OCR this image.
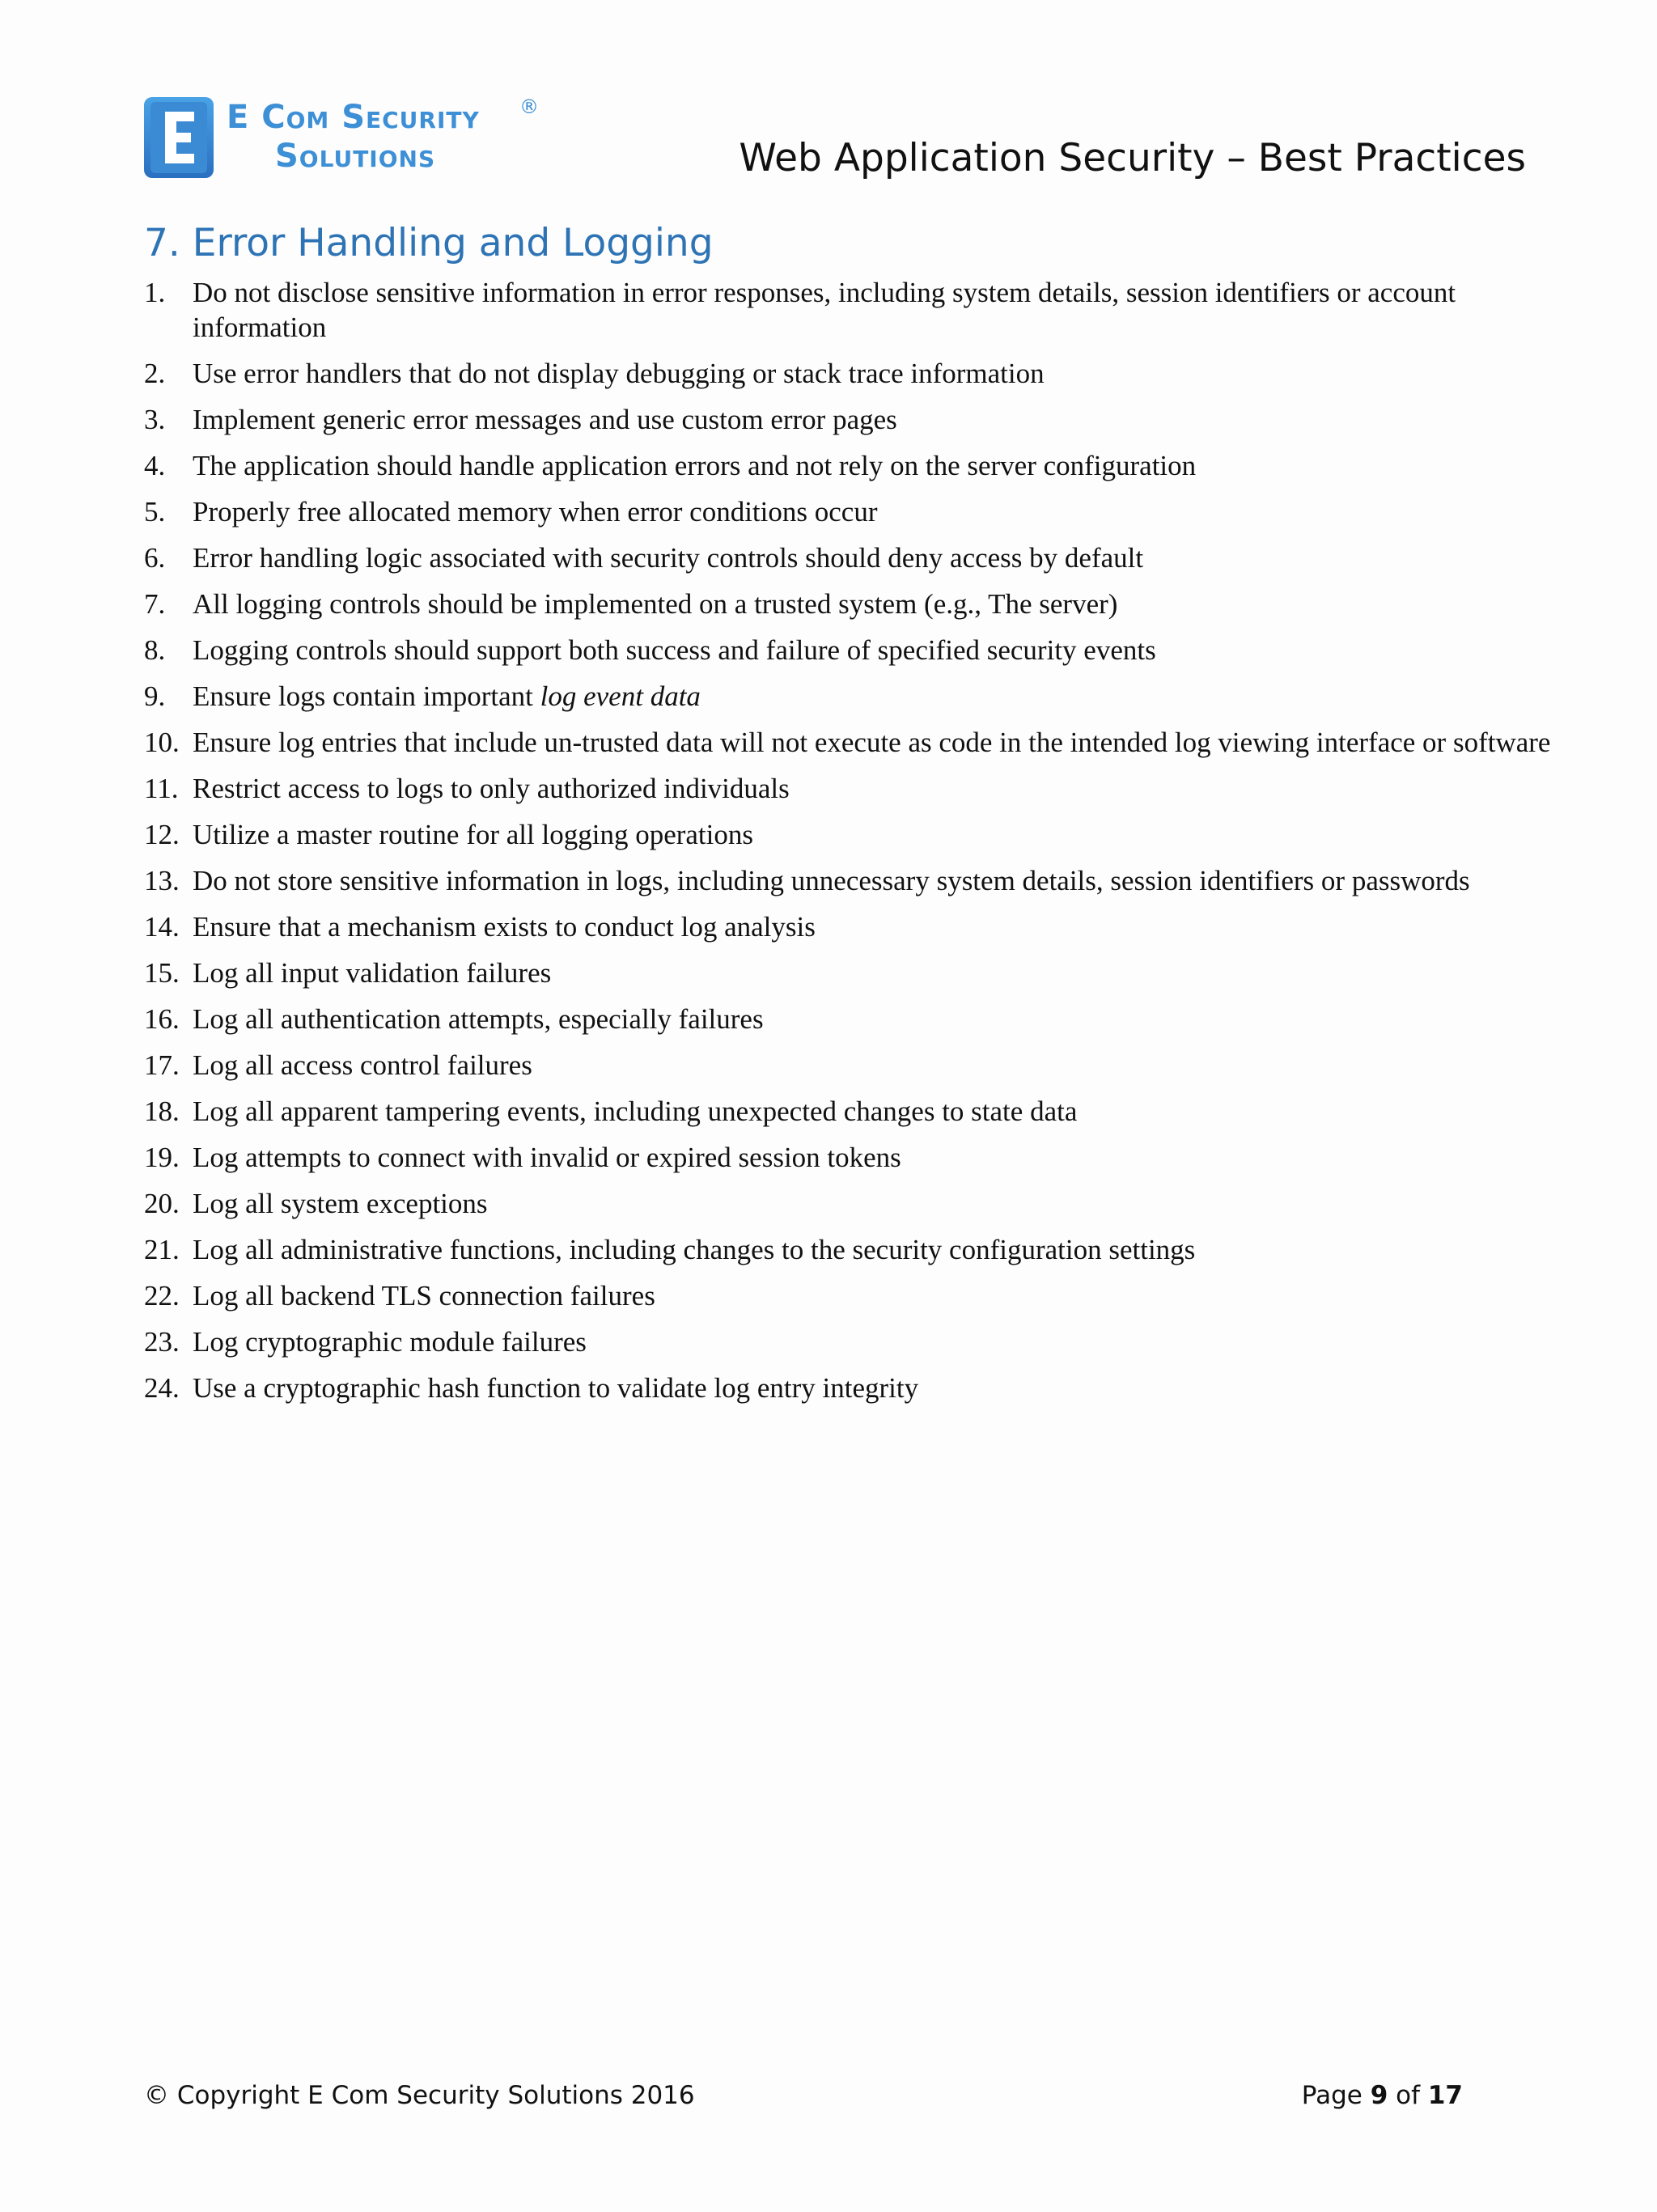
E Com Security ®
Solutions	Web Application Security – Best Practices
7. Error Handling and Logging
1. Do not disclose sensitive information in error responses, including system details, session identifiers or account information
2. Use error handlers that do not display debugging or stack trace information
3. Implement generic error messages and use custom error pages
4. The application should handle application errors and not rely on the server configuration
5. Properly free allocated memory when error conditions occur
6. Error handling logic associated with security controls should deny access by default
7. All logging controls should be implemented on a trusted system (e.g., The server)
8. Logging controls should support both success and failure of specified security events
9. Ensure logs contain important log event data
10. Ensure log entries that include un-trusted data will not execute as code in the intended log viewing interface or software
11. Restrict access to logs to only authorized individuals
12. Utilize a master routine for all logging operations
13. Do not store sensitive information in logs, including unnecessary system details, session identifiers or passwords
14. Ensure that a mechanism exists to conduct log analysis
15. Log all input validation failures
16. Log all authentication attempts, especially failures
17. Log all access control failures
18. Log all apparent tampering events, including unexpected changes to state data
19. Log attempts to connect with invalid or expired session tokens
20. Log all system exceptions
21. Log all administrative functions, including changes to the security configuration settings
22. Log all backend TLS connection failures
23. Log cryptographic module failures
24. Use a cryptographic hash function to validate log entry integrity
© Copyright E Com Security Solutions 2016	Page 9 of 17
